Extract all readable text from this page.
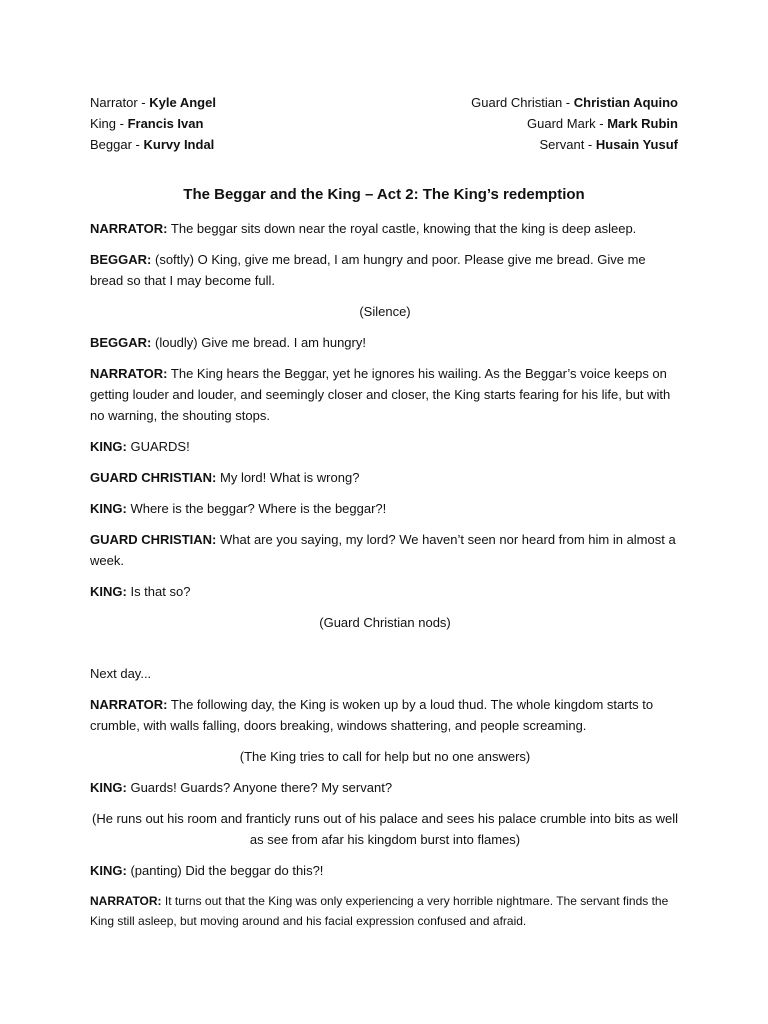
Narrator - Kyle Angel	Guard Christian - Christian Aquino
King - Francis Ivan	Guard Mark - Mark Rubin
Beggar - Kurvy Indal	Servant - Husain Yusuf
The Beggar and the King – Act 2: The King’s redemption

NARRATOR: The beggar sits down near the royal castle, knowing that the king is deep asleep.

BEGGAR: (softly) O King, give me bread, I am hungry and poor. Please give me bread. Give me bread so that I may become full.

(Silence)

BEGGAR: (loudly) Give me bread. I am hungry!

NARRATOR: The King hears the Beggar, yet he ignores his wailing. As the Beggar’s voice keeps on getting louder and louder, and seemingly closer and closer, the King starts fearing for his life, but with no warning, the shouting stops.

KING: GUARDS!

GUARD CHRISTIAN: My lord! What is wrong?

KING: Where is the beggar? Where is the beggar?!

GUARD CHRISTIAN: What are you saying, my lord? We haven’t seen nor heard from him in almost a week.

KING: Is that so?

(Guard Christian nods)

Next day...

NARRATOR: The following day, the King is woken up by a loud thud. The whole kingdom starts to crumble, with walls falling, doors breaking, windows shattering, and people screaming.

(The King tries to call for help but no one answers)

KING: Guards! Guards? Anyone there? My servant?

(He runs out his room and franticly runs out of his palace and sees his palace crumble into bits as well as see from afar his kingdom burst into flames)

KING: (panting) Did the beggar do this?!

NARRATOR: It turns out that the King was only experiencing a very horrible nightmare. The servant finds the King still asleep, but moving around and his facial expression confused and afraid.
